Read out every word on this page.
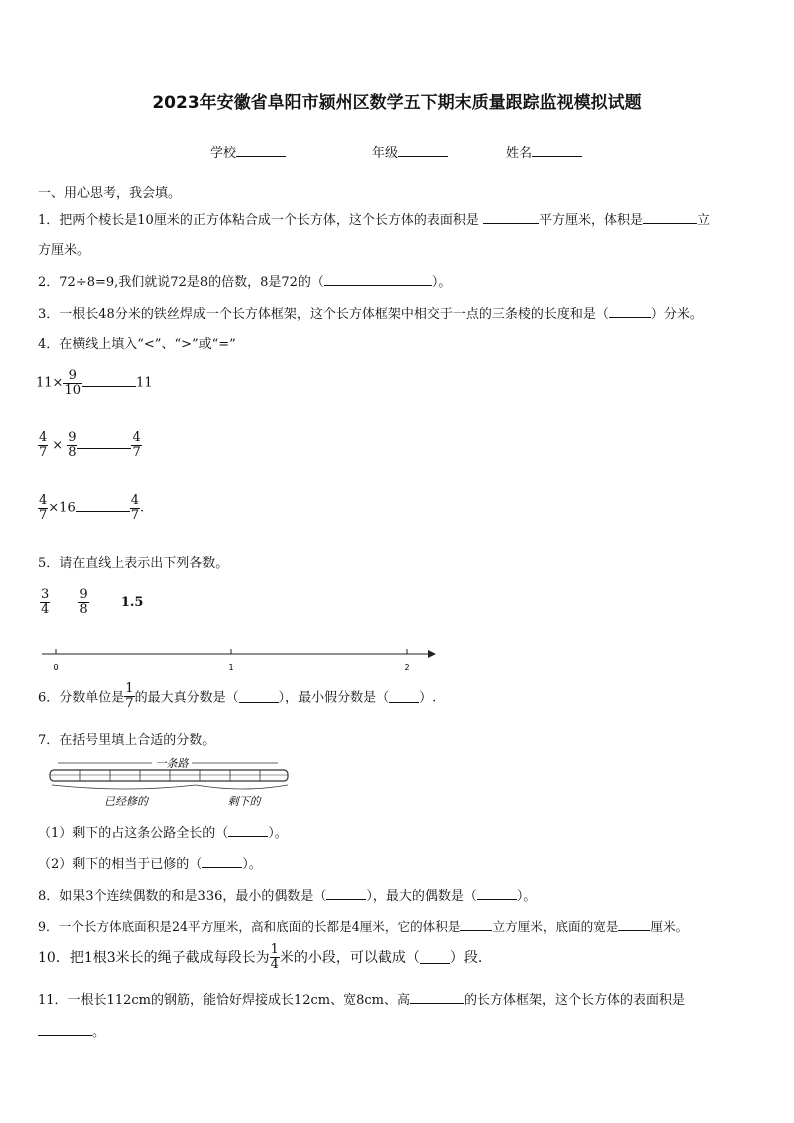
2023年安徽省阜阳市颍州区数学五下期末质量跟踪监视模拟试题
学校	年级	姓名
一、用心思考，我会填。
1．把两个棱长是10厘米的正方体粘合成一个长方体，这个长方体的表面积是	平方厘米，体积是	立
方厘米。
2．72÷8=9,我们就说72是8的倍数，8是72的（	）。
3．一根长48分米的铁丝焊成一个长方体框架，这个长方体框架中相交于一点的三条棱的长度和是（	）分米。
4．在横线上填入“<”、“>”或“=”
$11\times \frac{9}{10}$	11
$\frac{4}{7} \times \frac{9}{8}$	$\frac{4}{7}$
$\frac{4}{7} \times 16$	$\frac{4}{7}$ .
5．请在直线上表示出下列各数。
$\frac{3}{4}$
$\frac{9}{8} 1.5$
0	1	2
6．分数单位是 $\frac{1}{7}$ 的最大真分数是（	），最小假分数是（ ）.
7．在括号里填上合适的分数。
一条路
已经修的	剩下的
（1）剩下的占这条公路全长的（	）。
（2）剩下的相当于已修的（	）。
8．如果3个连续偶数的和是336，最小的偶数是（	），最大的偶数是（	）。
9．一个长方体底面积是24平方厘米，高和底面的长都是4厘米，它的体积是	立方厘米，底面的宽是	厘米。
10．把1根3米长的绳子截成每段长为 $\frac{1}{4}$ 米的小段，可以截成（ ）段.
11．一根长112cm的钢筋，能恰好焊接成长12cm、宽8cm、高	的长方体框架，这个长方体的表面积是
。
